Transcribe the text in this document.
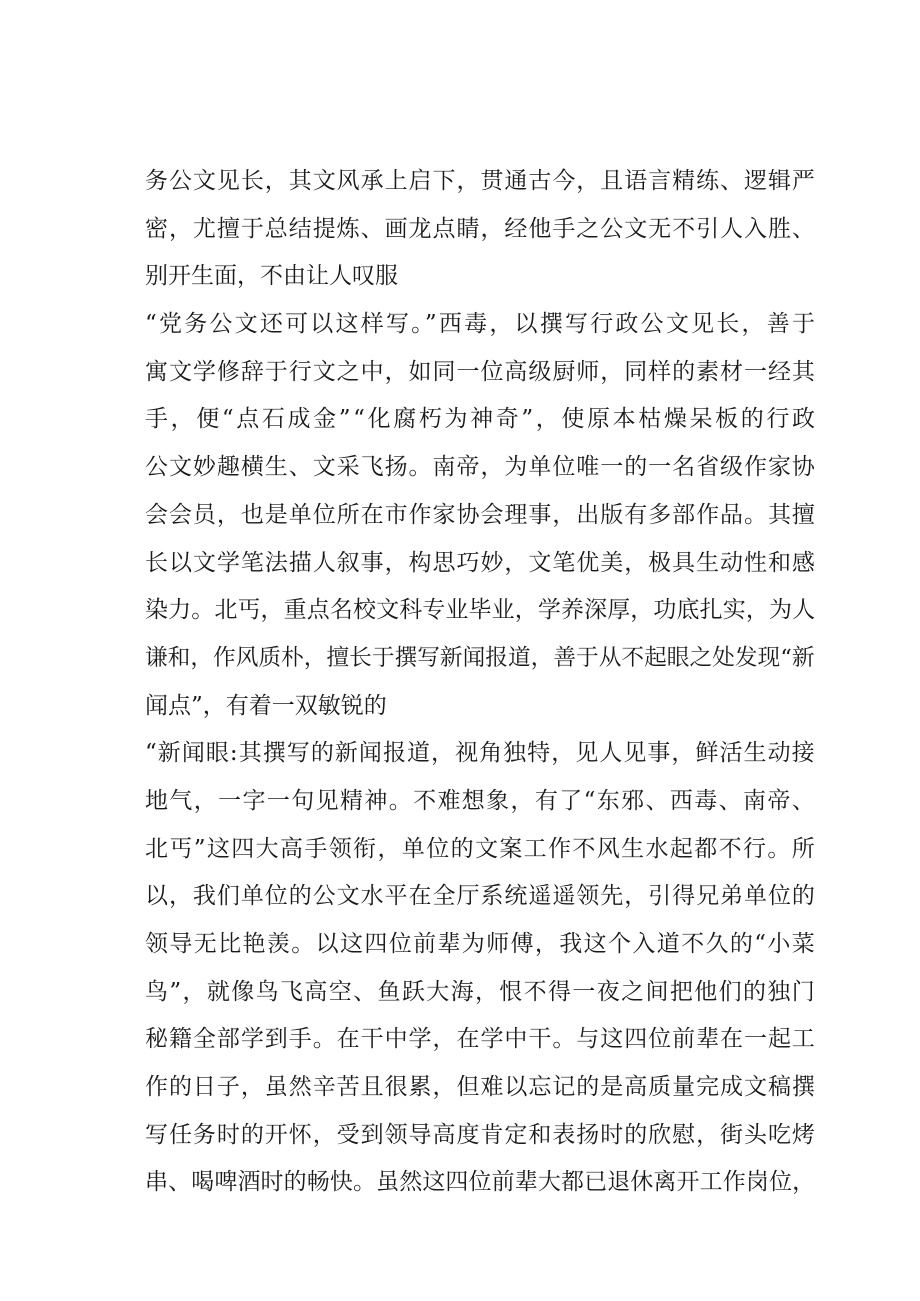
务公文见长，其文风承上启下，贯通古今，且语言精练、逻辑严
密，尤擅于总结提炼、画龙点睛，经他手之公文无不引人入胜、
别开生面，不由让人叹服
“党务公文还可以这样写。”西毒，以撰写行政公文见长，善于
寓文学修辞于行文之中，如同一位高级厨师，同样的素材一经其
手，便“点石成金”“化腐朽为神奇”，使原本枯燥呆板的行政
公文妙趣横生、文采飞扬。南帝，为单位唯一的一名省级作家协
会会员，也是单位所在市作家协会理事，出版有多部作品。其擅
长以文学笔法描人叙事，构思巧妙，文笔优美，极具生动性和感
染力。北丐，重点名校文科专业毕业，学养深厚，功底扎实，为人
谦和，作风质朴，擅长于撰写新闻报道，善于从不起眼之处发现“新
闻点”，有着一双敏锐的
“新闻眼:其撰写的新闻报道，视角独特，见人见事，鲜活生动接
地气，一字一句见精神。不难想象，有了“东邪、西毒、南帝、
北丐”这四大高手领衔，单位的文案工作不风生水起都不行。所
以，我们单位的公文水平在全厅系统遥遥领先，引得兄弟单位的
领导无比艳羡。以这四位前辈为师傅，我这个入道不久的“小菜
鸟”，就像鸟飞高空、鱼跃大海，恨不得一夜之间把他们的独门
秘籍全部学到手。在干中学，在学中干。与这四位前辈在一起工
作的日子，虽然辛苦且很累，但难以忘记的是高质量完成文稿撰
写任务时的开怀，受到领导高度肯定和表扬时的欣慰，街头吃烤
串、喝啤酒时的畅快。虽然这四位前辈大都已退休离开工作岗位，
